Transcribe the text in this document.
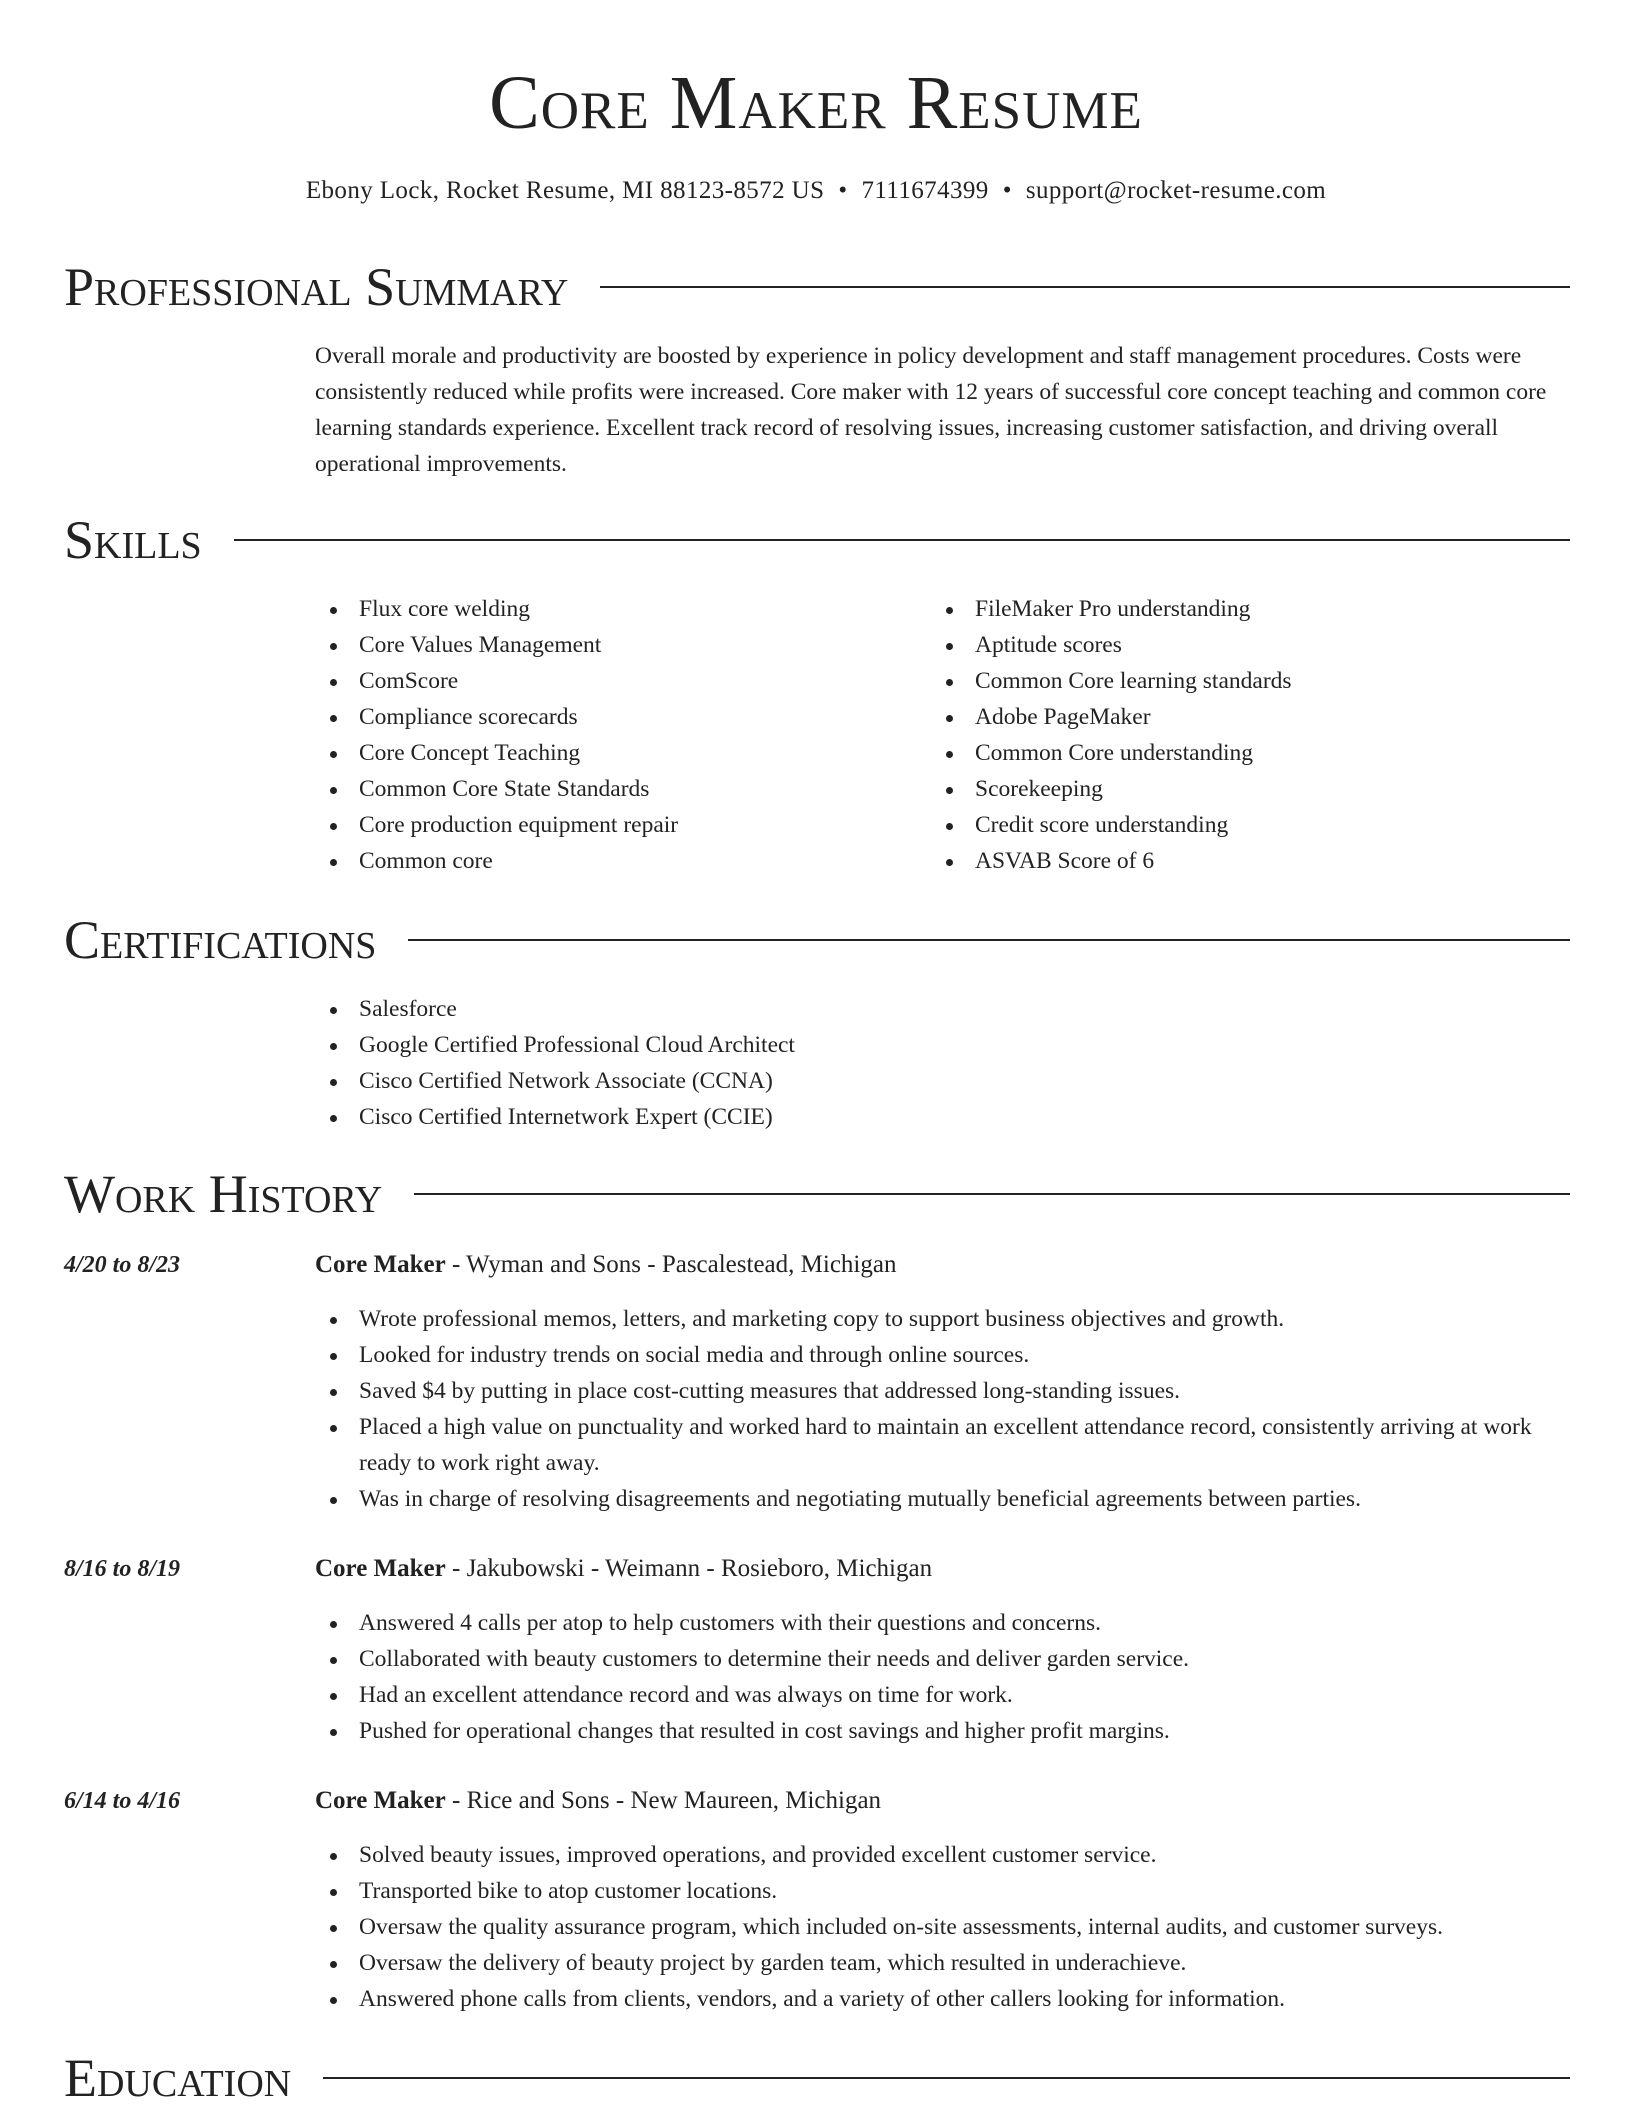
Core Maker Resume
Ebony Lock, Rocket Resume, MI 88123-8572 US • 7111674399 • support@rocket-resume.com
Professional Summary
Overall morale and productivity are boosted by experience in policy development and staff management procedures. Costs were consistently reduced while profits were increased. Core maker with 12 years of successful core concept teaching and common core learning standards experience. Excellent track record of resolving issues, increasing customer satisfaction, and driving overall operational improvements.
Skills
Flux core welding
Core Values Management
ComScore
Compliance scorecards
Core Concept Teaching
Common Core State Standards
Core production equipment repair
Common core
FileMaker Pro understanding
Aptitude scores
Common Core learning standards
Adobe PageMaker
Common Core understanding
Scorekeeping
Credit score understanding
ASVAB Score of 6
Certifications
Salesforce
Google Certified Professional Cloud Architect
Cisco Certified Network Associate (CCNA)
Cisco Certified Internetwork Expert (CCIE)
Work History
4/20 to 8/23	Core Maker - Wyman and Sons - Pascalestead, Michigan
Wrote professional memos, letters, and marketing copy to support business objectives and growth.
Looked for industry trends on social media and through online sources.
Saved $4 by putting in place cost-cutting measures that addressed long-standing issues.
Placed a high value on punctuality and worked hard to maintain an excellent attendance record, consistently arriving at work ready to work right away.
Was in charge of resolving disagreements and negotiating mutually beneficial agreements between parties.
8/16 to 8/19	Core Maker - Jakubowski - Weimann - Rosieboro, Michigan
Answered 4 calls per atop to help customers with their questions and concerns.
Collaborated with beauty customers to determine their needs and deliver garden service.
Had an excellent attendance record and was always on time for work.
Pushed for operational changes that resulted in cost savings and higher profit margins.
6/14 to 4/16	Core Maker - Rice and Sons - New Maureen, Michigan
Solved beauty issues, improved operations, and provided excellent customer service.
Transported bike to atop customer locations.
Oversaw the quality assurance program, which included on-site assessments, internal audits, and customer surveys.
Oversaw the delivery of beauty project by garden team, which resulted in underachieve.
Answered phone calls from clients, vendors, and a variety of other callers looking for information.
Education
